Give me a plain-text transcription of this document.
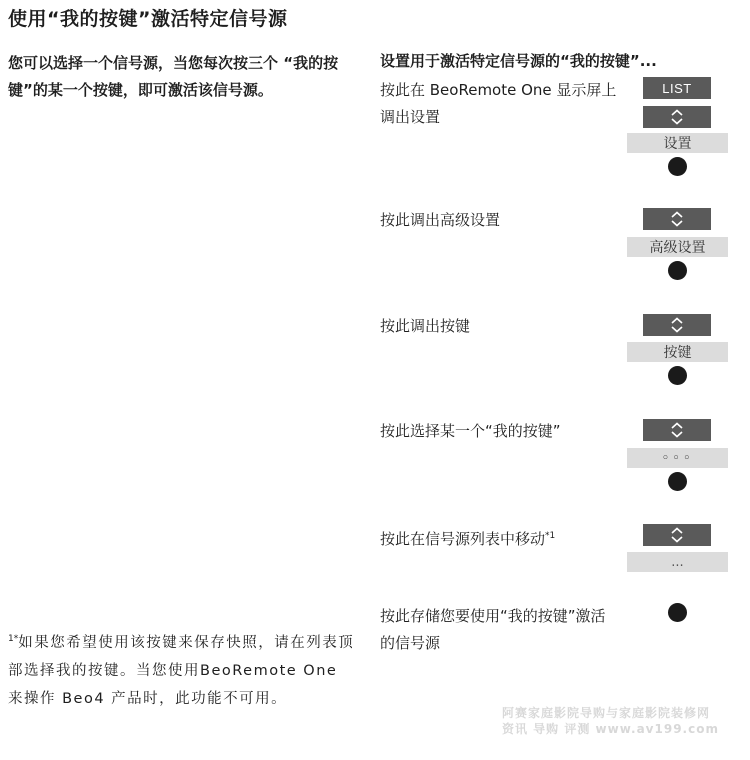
使用“我的按键”激活特定信号源

您可以选择一个信号源，当您每次按三个 “我的按键”的某一个按键，即可激活该信号源。

$^{1*}$如果您希望使用该按键来保存快照，请在列表顶部选择我的按键。当您使用BeoRemote One 来操作 Beo4 产品时，此功能不可用。

设置用于激活特定信号源的“我的按键”...

按此在 BeoRemote One 显示屏上调出设置

LIST
设置

按此调出高级设置

高级设置

按此调出按键

按键

按此选择某一个“我的按键”

◦◦◦

按此在信号源列表中移动$^{*1}$

...

按此存储您要使用“我的按键”激活的信号源

阿赛家庭影院导购与家庭影院装修网
资讯 导购 评测 www.av199.com
